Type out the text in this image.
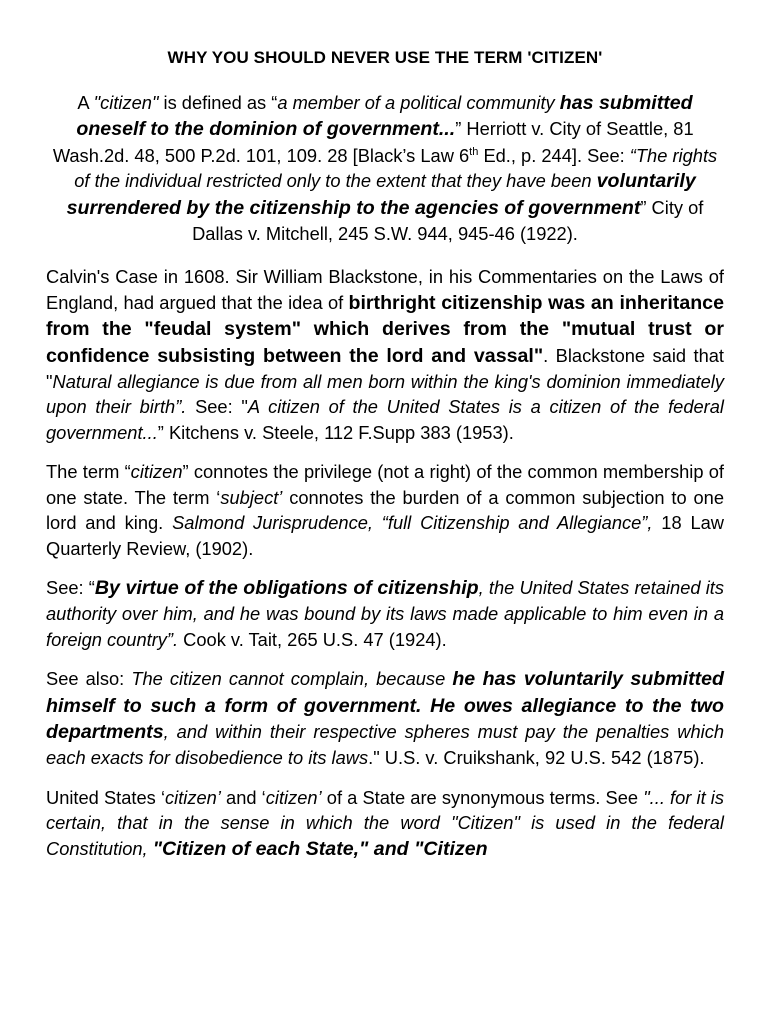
WHY YOU SHOULD NEVER USE THE TERM 'CITIZEN'

A "citizen" is defined as “a member of a political community has submitted oneself to the dominion of government...” Herriott v. City of Seattle, 81 Wash.2d. 48, 500 P.2d. 101, 109. 28 [Black’s Law 6th Ed., p. 244]. See: “The rights of the individual restricted only to the extent that they have been voluntarily surrendered by the citizenship to the agencies of government” City of Dallas v. Mitchell, 245 S.W. 944, 945-46 (1922).

Calvin's Case in 1608. Sir William Blackstone, in his Commentaries on the Laws of England, had argued that the idea of birthright citizenship was an inheritance from the "feudal system" which derives from the "mutual trust or confidence subsisting between the lord and vassal". Blackstone said that "Natural allegiance is due from all men born within the king's dominion immediately upon their birth”. See: "A citizen of the United States is a citizen of the federal government...” Kitchens v. Steele, 112 F.Supp 383 (1953).

The term “citizen” connotes the privilege (not a right) of the common membership of one state. The term ‘subject’ connotes the burden of a common subjection to one lord and king. Salmond Jurisprudence, “full Citizenship and Allegiance”, 18 Law Quarterly Review, (1902).

See: “By virtue of the obligations of citizenship, the United States retained its authority over him, and he was bound by its laws made applicable to him even in a foreign country”. Cook v. Tait, 265 U.S. 47 (1924).

See also: The citizen cannot complain, because he has voluntarily submitted himself to such a form of government. He owes allegiance to the two departments, and within their respective spheres must pay the penalties which each exacts for disobedience to its laws." U.S. v. Cruikshank, 92 U.S. 542 (1875).

United States ‘citizen’ and ‘citizen’ of a State are synonymous terms. See "... for it is certain, that in the sense in which the word "Citizen" is used in the federal Constitution, "Citizen of each State," and "Citizen
